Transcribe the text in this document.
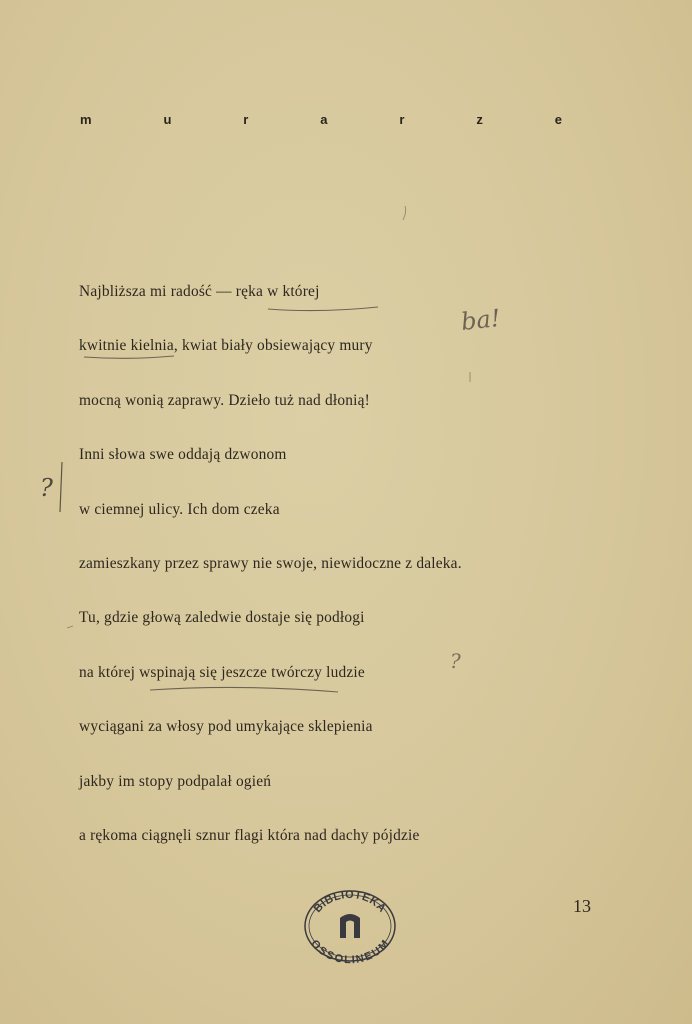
m	u	r	a	r	z	e
Najbliższa mi radość — ręka w której
kwitnie kielnia, kwiat biały obsiewający mury
mocną wonią zaprawy. Dzieło tuż nad dłonią!
Inni słowa swe oddają dzwonom
w ciemnej ulicy. Ich dom czeka
zamieszkany przez sprawy nie swoje, niewidoczne z daleka.
Tu, gdzie głową zaledwie dostaje się podłogi
na której wspinają się jeszcze twórczy ludzie
wyciągani za włosy pod umykające sklepienia
jakby im stopy podpalał ogień
a rękoma ciągnęli sznur flagi która nad dachy pójdzie
ba!
?
?
13
BIBLIOTEKA
OSSOLINEUM
